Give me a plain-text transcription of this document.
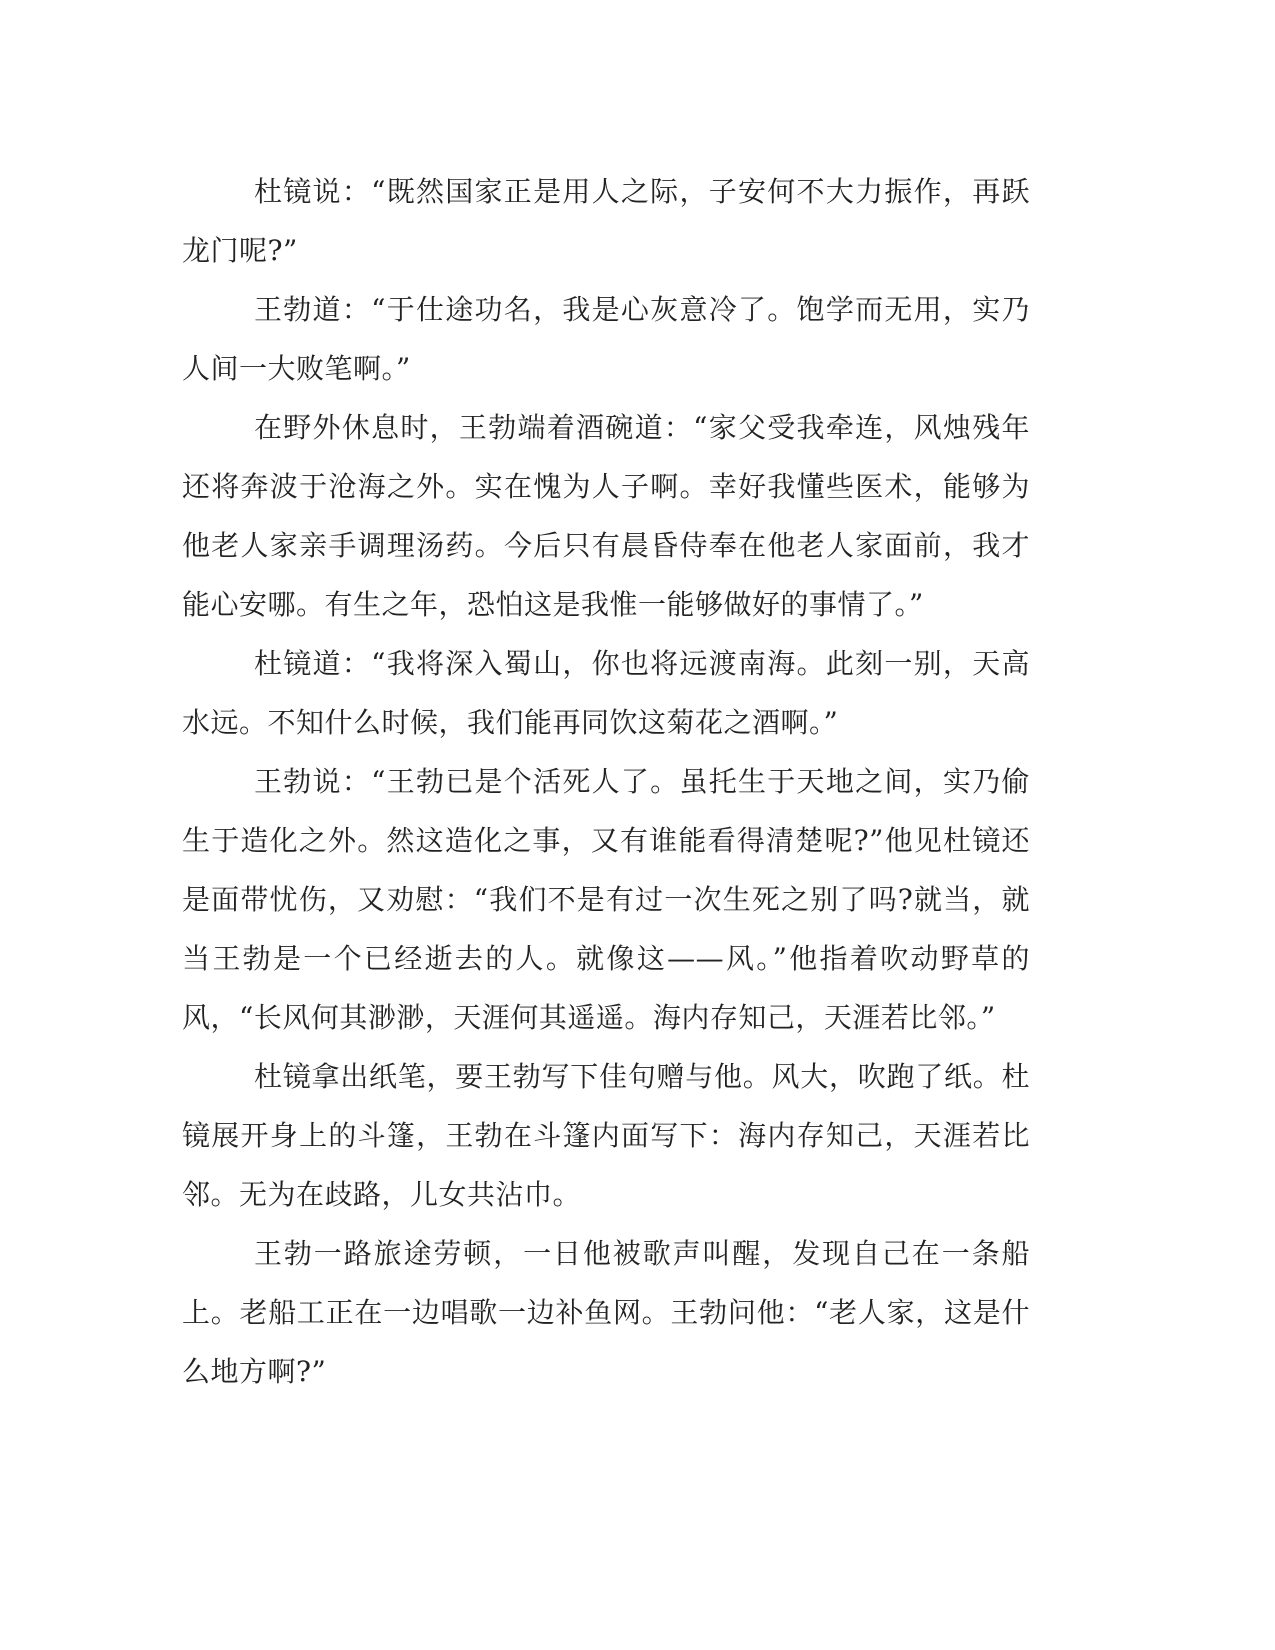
杜镜说：“既然国家正是用人之际，子安何不大力振作，再跃龙门呢?”

王勃道：“于仕途功名，我是心灰意冷了。饱学而无用，实乃人间一大败笔啊。”

在野外休息时，王勃端着酒碗道：“家父受我牵连，风烛残年还将奔波于沧海之外。实在愧为人子啊。幸好我懂些医术，能够为他老人家亲手调理汤药。今后只有晨昏侍奉在他老人家面前，我才能心安哪。有生之年，恐怕这是我惟一能够做好的事情了。”

杜镜道：“我将深入蜀山，你也将远渡南海。此刻一别，天高水远。不知什么时候，我们能再同饮这菊花之酒啊。”

王勃说：“王勃已是个活死人了。虽托生于天地之间，实乃偷生于造化之外。然这造化之事，又有谁能看得清楚呢?”他见杜镜还是面带忧伤，又劝慰：“我们不是有过一次生死之别了吗?就当，就当王勃是一个已经逝去的人。就像这——风。”他指着吹动野草的风，“长风何其渺渺，天涯何其遥遥。海内存知己，天涯若比邻。”

杜镜拿出纸笔，要王勃写下佳句赠与他。风大，吹跑了纸。杜镜展开身上的斗篷，王勃在斗篷内面写下：海内存知己，天涯若比邻。无为在歧路，儿女共沾巾。

王勃一路旅途劳顿，一日他被歌声叫醒，发现自己在一条船上。老船工正在一边唱歌一边补鱼网。王勃问他：“老人家，这是什么地方啊?”
